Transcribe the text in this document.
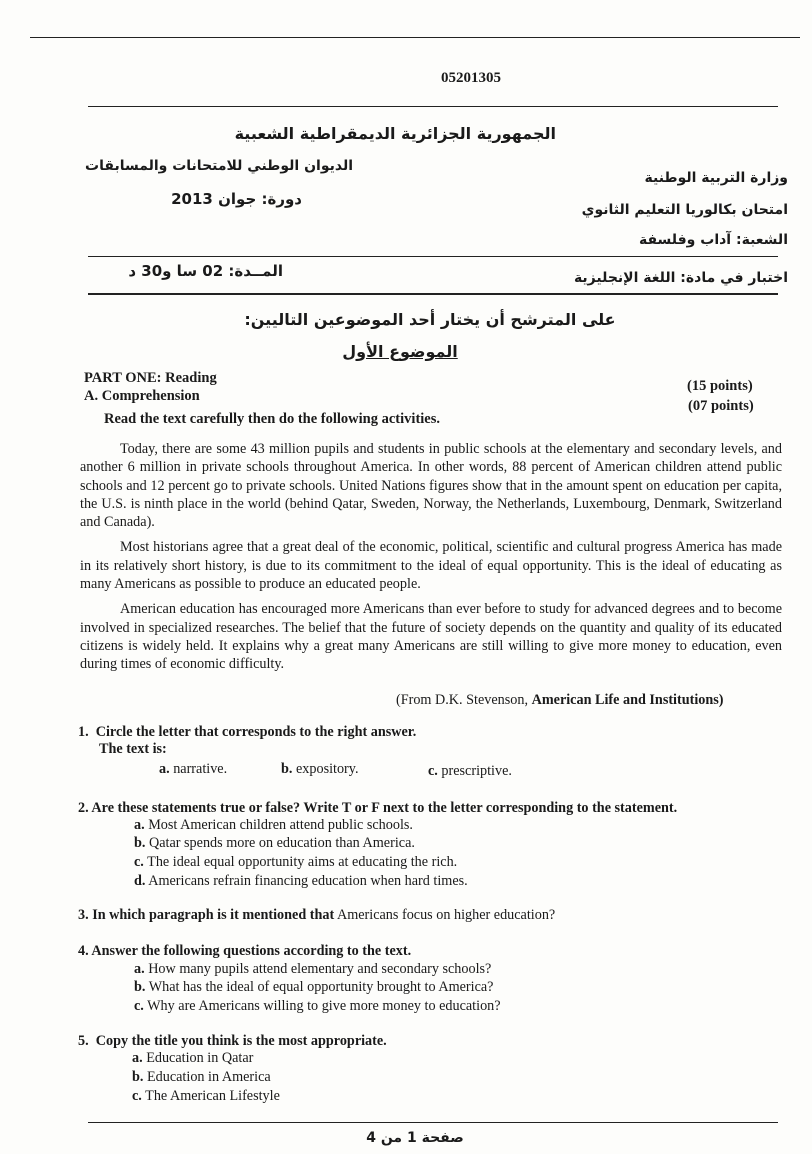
05201305
الجمهورية الجزائرية الديمقراطية الشعبية
الديوان الوطني للامتحانات والمسابقات
وزارة التربية الوطنية
دورة: جوان 2013
امتحان بكالوريا التعليم الثانوي
الشعبة: آداب وفلسفة
المــدة: 02 سا و30 د	اختبار في مادة: اللغة الإنجليزية
على المترشح أن يختار أحد الموضوعين التاليين:
الموضوع الأول
PART ONE: Reading	(15 points)
A. Comprehension
(07 points)
Read the text carefully then do the following activities.

Today, there are some 43 million pupils and students in public schools at the elementary and secondary levels, and another 6 million in private schools throughout America. In other words, 88 percent of American children attend public schools and 12 percent go to private schools. United Nations figures show that in the amount spent on education per capita, the U.S. is ninth place in the world (behind Qatar, Sweden, Norway, the Netherlands, Luxembourg, Denmark, Switzerland and Canada).

Most historians agree that a great deal of the economic, political, scientific and cultural progress America has made in its relatively short history, is due to its commitment to the ideal of equal opportunity. This is the ideal of educating as many Americans as possible to produce an educated people.

American education has encouraged more Americans than ever before to study for advanced degrees and to become involved in specialized researches. The belief that the future of society depends on the quantity and quality of its educated citizens is widely held. It explains why a great many Americans are still willing to give more money to education, even during times of economic difficulty.

(From D.K. Stevenson, American Life and Institutions)
1. Circle the letter that corresponds to the right answer.
The text is:
a. narrative.	b. expository.	c. prescriptive.
2. Are these statements true or false? Write T or F next to the letter corresponding to the statement.
a. Most American children attend public schools.
b. Qatar spends more on education than America.
c. The ideal equal opportunity aims at educating the rich.
d. Americans refrain financing education when hard times.
3. In which paragraph is it mentioned that Americans focus on higher education?
4. Answer the following questions according to the text.
a. How many pupils attend elementary and secondary schools?
b. What has the ideal of equal opportunity brought to America?
c. Why are Americans willing to give more money to education?
5. Copy the title you think is the most appropriate.
a. Education in Qatar
b. Education in America
c. The American Lifestyle
صفحة 1 من 4
